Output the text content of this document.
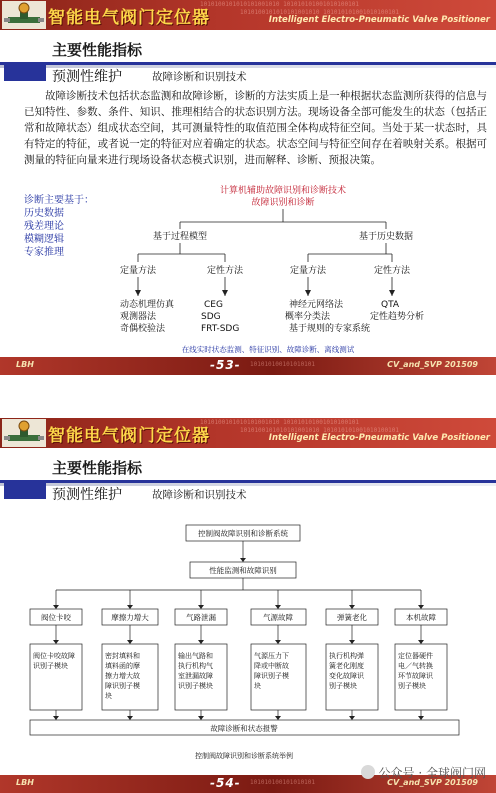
智能电气阀门定位器
1010100101010101001010 101010101001010100101
1010100101010101001010 101010101001010100101
Intelligent Electro-Pneumatic Valve Positioner
主要性能指标
预测性维护	故障诊断和识别技术

故障诊断技术包括状态监测和故障诊断，诊断的方法实质上是一种根据状态监测所获得的信息与已知特性、参数、条件、知识、推理相结合的状态识别方法。现场设备全部可能发生的状态（包括正常和故障状态）组成状态空间，其可测量特性的取值范围全体构成特征空间。当处于某一状态时，具有特定的特征，或者说一定的特征对应着确定的状态。状态空间与特征空间存在着映射关系。根据可测量的特征向量来进行现场设备状态模式识别，进而解释、诊断、预报决策。

诊断主要基于：
历史数据
残差理论
模糊逻辑
专家推理
计算机辅助故障识别和诊断技术
故障识别和诊断
基于过程模型	基于历史数据
定量方法	定性方法	定量方法	定性方法
动态机理仿真
观测器法
奇偶校验法
CEG
SDG
FRT-SDG
神经元网络法
概率分类法
基于规则的专家系统
QTA
定性趋势分析
在线实时状态监测、特征识别、故障诊断、离线测试
LBH	101010100101010101
-53-	CV_and_SVP 201509
智能电气阀门定位器
1010100101010101001010 101010101001010100101
1010100101010101001010 101010101001010100101
Intelligent Electro-Pneumatic Valve Positioner
主要性能指标
预测性维护	故障诊断和识别技术
控制阀故障识别和诊断系统
性能监测和故障识别
阀位卡咬	摩擦力增大	气路泄漏	气源故障	弹簧老化	本机故障
阀位卡咬故障
识别子模块
密封填料和
填料函的摩
擦力增大故
障识别子模
块
输出气路和
执行机构气
室泄漏故障
识别子模块
气源压力下
降或中断故
障识别子模
块
执行机构弹
簧老化刚度
变化故障识
别子模块
定位器硬件
电／气转换
环节故障识
别子模块
故障诊断和状态报警
控制阀故障识别和诊断系统举例
LBH	101010100101010101
-54-	CV_and_SVP 201509
公众号 · 全球阀门网
